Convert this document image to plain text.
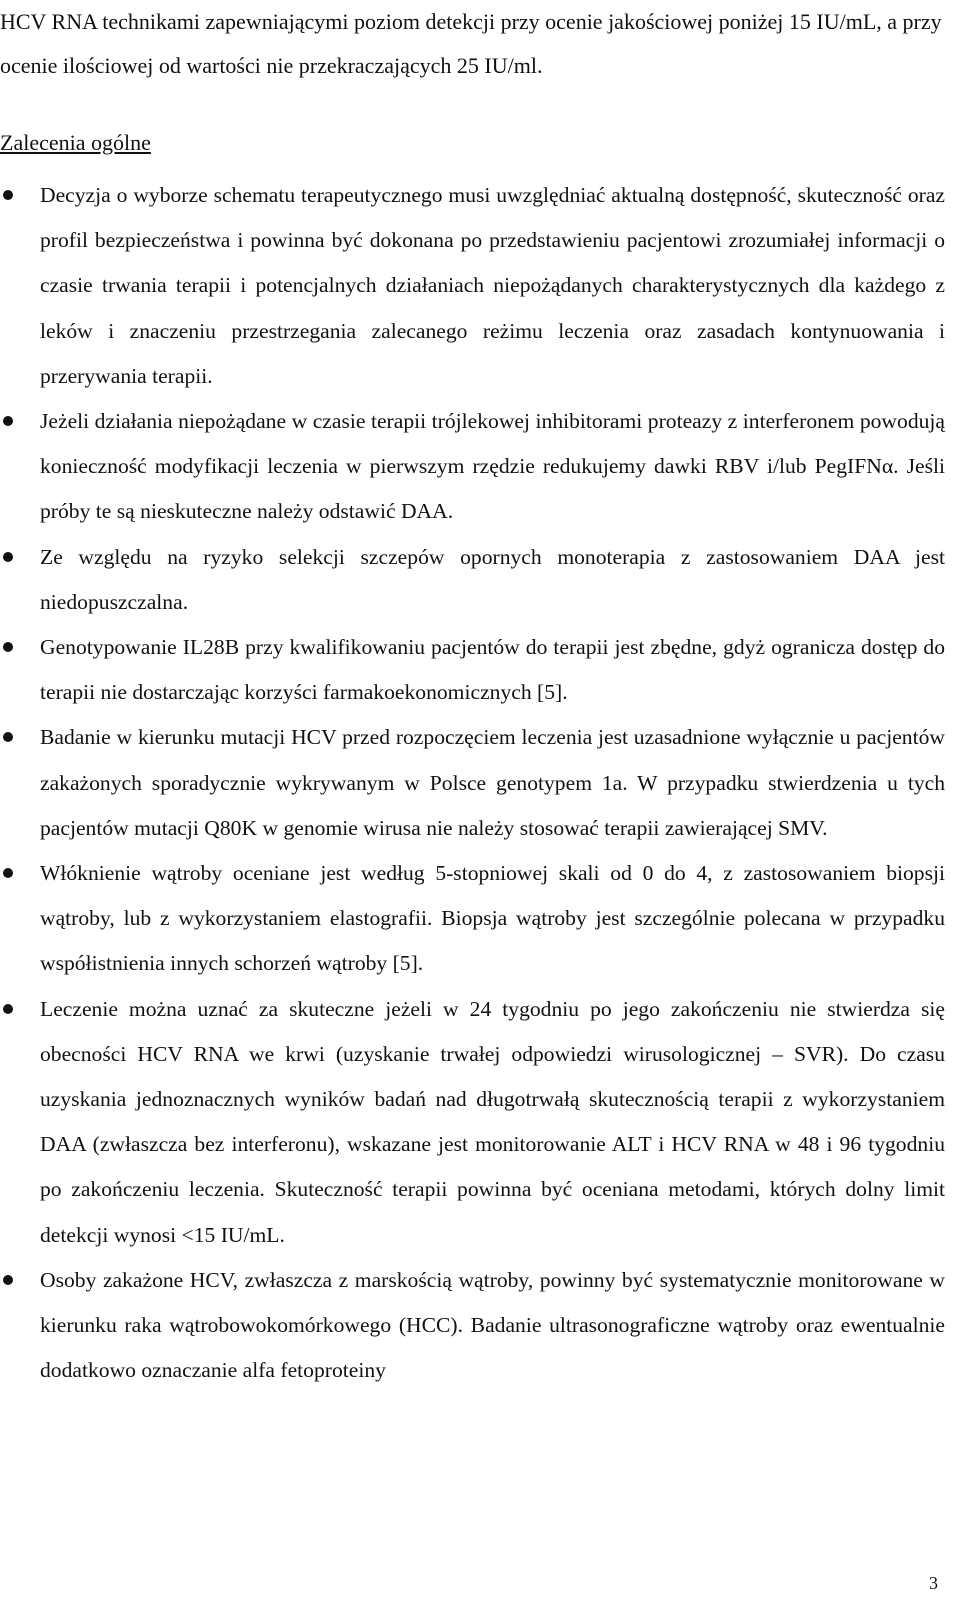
HCV RNA technikami zapewniającymi poziom detekcji przy ocenie jakościowej poniżej 15 IU/mL, a przy ocenie ilościowej od wartości nie przekraczających 25 IU/ml.

Zalecenia ogólne
Decyzja o wyborze schematu terapeutycznego musi uwzględniać aktualną dostępność, skuteczność oraz profil bezpieczeństwa i powinna być dokonana po przedstawieniu pacjentowi zrozumiałej informacji o czasie trwania terapii i potencjalnych działaniach niepożądanych charakterystycznych dla każdego z leków i znaczeniu przestrzegania zalecanego reżimu leczenia oraz zasadach kontynuowania i przerywania terapii.
Jeżeli działania niepożądane w czasie terapii trójlekowej inhibitorami proteazy z interferonem powodują konieczność modyfikacji leczenia w pierwszym rzędzie redukujemy dawki RBV i/lub PegIFNα. Jeśli próby te są nieskuteczne należy odstawić DAA.
Ze względu na ryzyko selekcji szczepów opornych monoterapia z zastosowaniem DAA jest niedopuszczalna.
Genotypowanie IL28B przy kwalifikowaniu pacjentów do terapii jest zbędne, gdyż ogranicza dostęp do terapii nie dostarczając korzyści farmakoekonomicznych [5].
Badanie w kierunku mutacji HCV przed rozpoczęciem leczenia jest uzasadnione wyłącznie u pacjentów zakażonych sporadycznie wykrywanym w Polsce genotypem 1a. W przypadku stwierdzenia u tych pacjentów mutacji Q80K w genomie wirusa nie należy stosować terapii zawierającej SMV.
Włóknienie wątroby oceniane jest według 5-stopniowej skali od 0 do 4, z zastosowaniem biopsji wątroby, lub z wykorzystaniem elastografii. Biopsja wątroby jest szczególnie polecana w przypadku współistnienia innych schorzeń wątroby [5].
Leczenie można uznać za skuteczne jeżeli w 24 tygodniu po jego zakończeniu nie stwierdza się obecności HCV RNA we krwi (uzyskanie trwałej odpowiedzi wirusologicznej – SVR). Do czasu uzyskania jednoznacznych wyników badań nad długotrwałą skutecznością terapii z wykorzystaniem DAA (zwłaszcza bez interferonu), wskazane jest monitorowanie ALT i HCV RNA w 48 i 96 tygodniu po zakończeniu leczenia. Skuteczność terapii powinna być oceniana metodami, których dolny limit detekcji wynosi <15 IU/mL.
Osoby zakażone HCV, zwłaszcza z marskością wątroby, powinny być systematycznie monitorowane w kierunku raka wątrobowokomórkowego (HCC). Badanie ultrasonograficzne wątroby oraz ewentualnie dodatkowo oznaczanie alfa fetoproteiny
3
